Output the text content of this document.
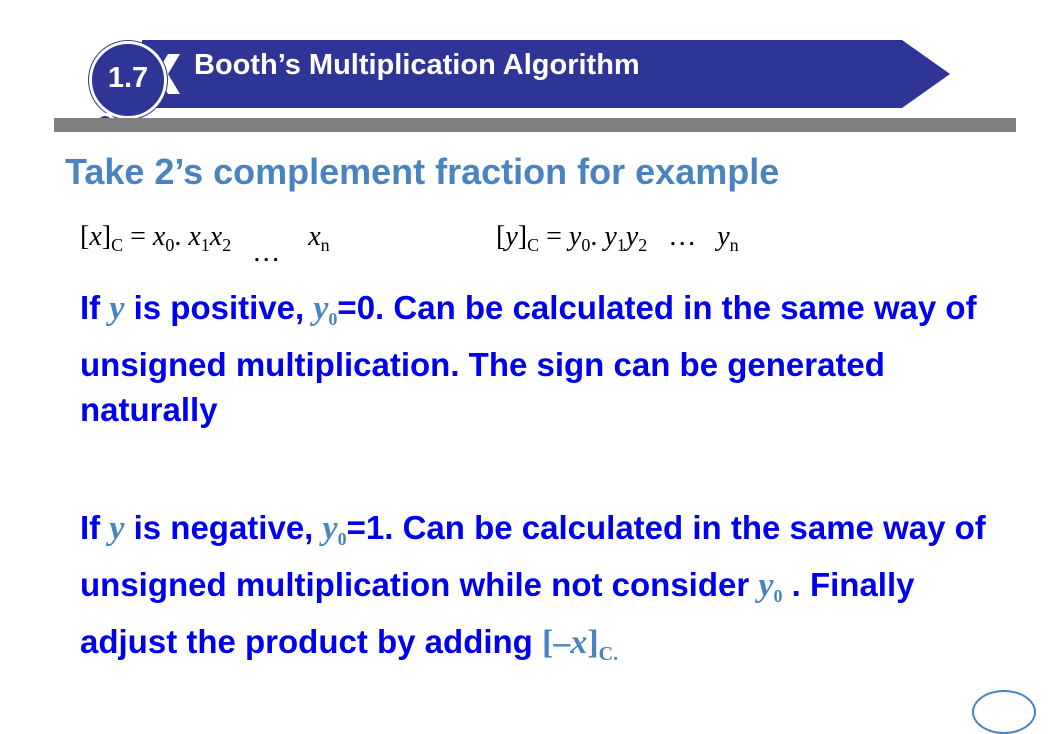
Booth’s Multiplication Algorithm
1.7
Take 2’s complement fraction for example
$[x]_C = x_0$. $x_1x_2$ …    $x_n$	$[y]_C = y_0$. $y_1y_2$ … $y_n$
If y is positive, $y_0=0$. Can be calculated in the same way of unsigned multiplication. The sign can be generated naturally
If y is negative, $y_0=1$. Can be calculated in the same way of unsigned multiplication while not consider $y_0$ . Finally adjust the product by adding $[-x]_{C.}$
